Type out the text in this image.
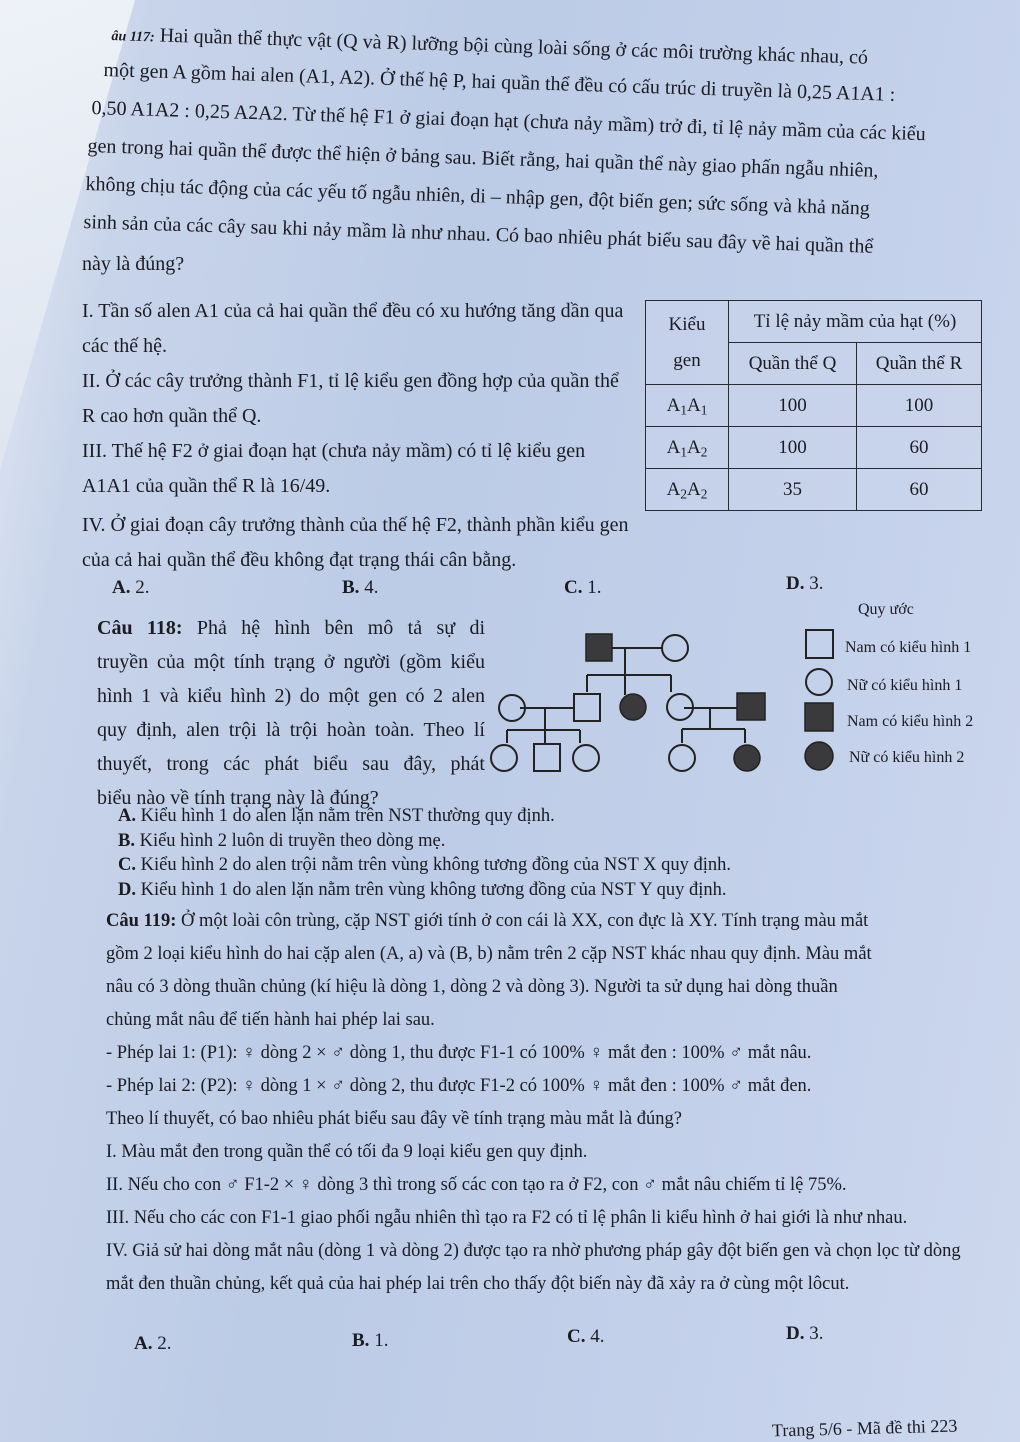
âu 117: Hai quần thể thực vật (Q và R) lưỡng bội cùng loài sống ở các môi trường khác nhau, có
một gen A gồm hai alen (A1, A2). Ở thế hệ P, hai quần thể đều có cấu trúc di truyền là 0,25 A1A1 :
0,50 A1A2 : 0,25 A2A2. Từ thế hệ F1 ở giai đoạn hạt (chưa nảy mầm) trở đi, tỉ lệ nảy mầm của các kiểu
gen trong hai quần thể được thể hiện ở bảng sau. Biết rằng, hai quần thể này giao phấn ngẫu nhiên,
không chịu tác động của các yếu tố ngẫu nhiên, di – nhập gen, đột biến gen; sức sống và khả năng
sinh sản của các cây sau khi nảy mầm là như nhau. Có bao nhiêu phát biểu sau đây về hai quần thể
này là đúng?
I. Tần số alen A1 của cả hai quần thể đều có xu hướng tăng dần qua các thế hệ.
II. Ở các cây trưởng thành F1, tỉ lệ kiểu gen đồng hợp của quần thể R cao hơn quần thể Q.
III. Thế hệ F2 ở giai đoạn hạt (chưa nảy mầm) có tỉ lệ kiểu gen A1A1 của quần thể R là 16/49.
IV. Ở giai đoạn cây trưởng thành của thế hệ F2, thành phần kiểu gen của cả hai quần thể đều không đạt trạng thái cân bằng.
Kiểu
gen	Tỉ lệ nảy mầm của hạt (%)	
	Quần thể Q	Quần thể R
$A_1A_1$	100	100
$A_1A_2$	100	60
$A_2A_2$	35	60
A. 2.	B. 4.	C. 1.	D. 3.
Câu 118: Phả hệ hình bên mô tả sự di
truyền của một tính trạng ở người (gồm kiểu
hình 1 và kiểu hình 2) do một gen có 2 alen
quy định, alen trội là trội hoàn toàn. Theo lí
thuyết, trong các phát biểu sau đây, phát
biểu nào về tính trạng này là đúng?
Quy ước
Nam có kiểu hình 1
Nữ có kiểu hình 1
Nam có kiểu hình 2
Nữ có kiểu hình 2
A. Kiểu hình 1 do alen lặn nằm trên NST thường quy định.
B. Kiểu hình 2 luôn di truyền theo dòng mẹ.
C. Kiểu hình 2 do alen trội nằm trên vùng không tương đồng của NST X quy định.
D. Kiểu hình 1 do alen lặn nằm trên vùng không tương đồng của NST Y quy định.
Câu 119: Ở một loài côn trùng, cặp NST giới tính ở con cái là XX, con đực là XY. Tính trạng màu mắt
gồm 2 loại kiểu hình do hai cặp alen (A, a) và (B, b) nằm trên 2 cặp NST khác nhau quy định. Màu mắt
nâu có 3 dòng thuần chủng (kí hiệu là dòng 1, dòng 2 và dòng 3). Người ta sử dụng hai dòng thuần
chủng mắt nâu để tiến hành hai phép lai sau.
- Phép lai 1: (P1): ♀ dòng 2 × ♂ dòng 1, thu được F1-1 có 100% ♀ mắt đen : 100% ♂ mắt nâu.
- Phép lai 2: (P2): ♀ dòng 1 × ♂ dòng 2, thu được F1-2 có 100% ♀ mắt đen : 100% ♂ mắt đen.
Theo lí thuyết, có bao nhiêu phát biểu sau đây về tính trạng màu mắt là đúng?
I. Màu mắt đen trong quần thể có tối đa 9 loại kiểu gen quy định.
II. Nếu cho con ♂ F1-2 × ♀ dòng 3 thì trong số các con tạo ra ở F2, con ♂ mắt nâu chiếm tỉ lệ 75%.
III. Nếu cho các con F1-1 giao phối ngẫu nhiên thì tạo ra F2 có tỉ lệ phân li kiểu hình ở hai giới là như nhau.
IV. Giả sử hai dòng mắt nâu (dòng 1 và dòng 2) được tạo ra nhờ phương pháp gây đột biến gen và chọn lọc từ dòng mắt đen thuần chủng, kết quả của hai phép lai trên cho thấy đột biến này đã xảy ra ở cùng một lôcut.
A. 2.	B. 1.	C. 4.	D. 3.
Trang 5/6 - Mã đề thi 223
